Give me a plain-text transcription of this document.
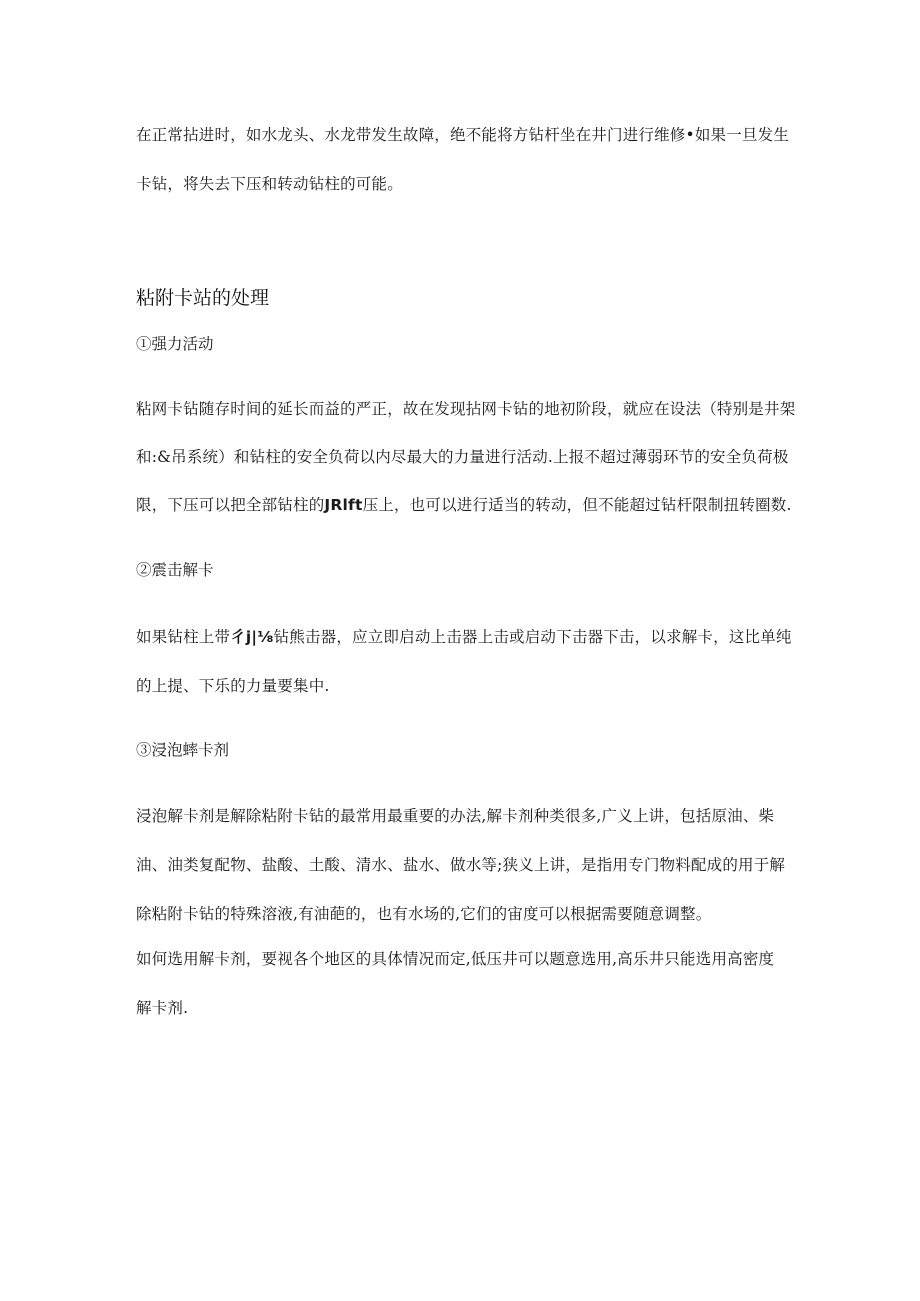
在正常拈进时，如水龙头、水龙带发生故障，绝不能将方钻杆坐在井门进行维修•如果一旦发生
卡钻，将失去下压和转动钻柱的可能。
粘附卡站的处理
①强力活动
粘网卡钻随存时间的延长而益的严正，故在发现拈网卡钻的地初阶段，就应在设法（特别是井架
和:&吊系统）和钻柱的安全负荷以内尽最大的力量进行活动.上报不超过薄弱环节的安全负荷极
限，下压可以把全部钻柱的JRlft压上，也可以进行适当的转动，但不能超过钻杆限制扭转圈数.
②震击解卡
如果钻柱上带彳j|⅛钻熊击器，应立即启动上击器上击或启动下击器下击，以求解卡，这比单纯
的上提、下乐的力量要集中.
③浸泡蟀卡剂
浸泡解卡剂是解除粘附卡钻的最常用最重要的办法,解卡剂种类很多,广义上讲，包括原油、柴
油、油类复配物、盐酸、土酸、清水、盐水、做水等;狭义上讲，是指用专门物料配成的用于解
除粘附卡钻的特殊溶液,有油葩的，也有水场的,它们的宙度可以根据需要随意调整。
如何选用解卡剂，要视各个地区的具体情况而定,低压井可以题意选用,高乐井只能选用高密度
解卡剂.
